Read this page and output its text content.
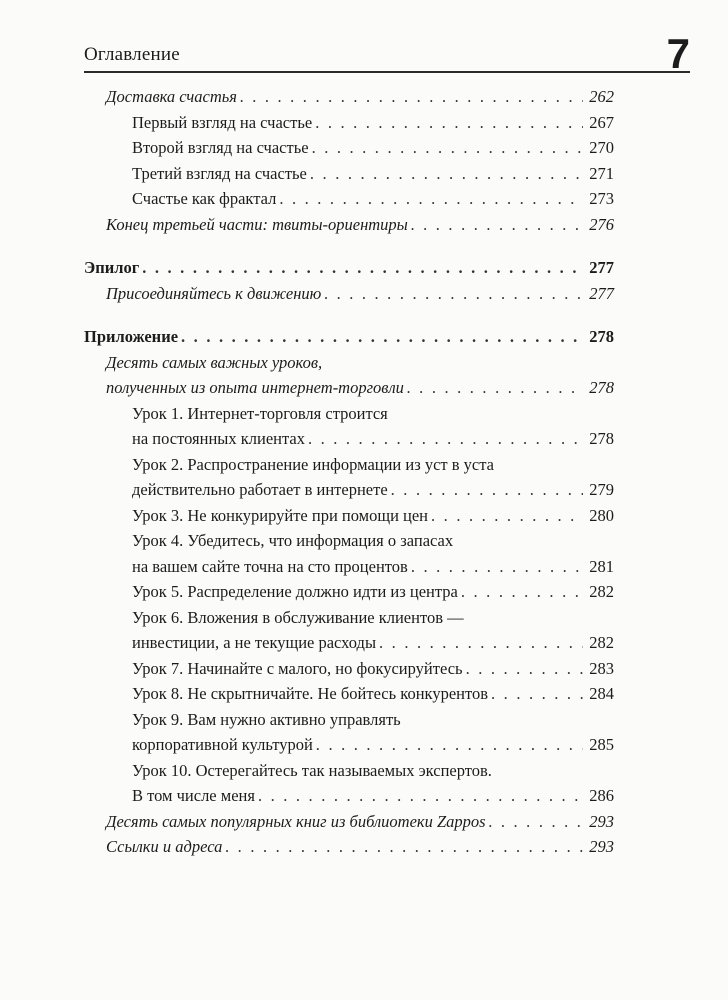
Оглавление	7
Доставка счастья . . .	262
Первый взгляд на счастье . . .	267
Второй взгляд на счастье . . .	270
Третий взгляд на счастье . . .	271
Счастье как фрактал . . .	273
Конец третьей части: твиты-ориентиры . . .	276
Эпилог . . .	277
Присоединяйтесь к движению . . .	277
Приложение . . .	278
Десять самых важных уроков,
полученных из опыта интернет-торговли . . .	278
Урок 1. Интернет-торговля строится
на постоянных клиентах . . .	278
Урок 2. Распространение информации из уст в уста
действительно работает в интернете . . .	279
Урок 3. Не конкурируйте при помощи цен . . .	280
Урок 4. Убедитесь, что информация о запасах
на вашем сайте точна на сто процентов . . .	281
Урок 5. Распределение должно идти из центра . . .	282
Урок 6. Вложения в обслуживание клиентов —
инвестиции, а не текущие расходы . . .	282
Урок 7. Начинайте с малого, но фокусируйтесь . . .	283
Урок 8. Не скрытничайте. Не бойтесь конкурентов . . .	284
Урок 9. Вам нужно активно управлять
корпоративной культурой . . .	285
Урок 10. Остерегайтесь так называемых экспертов.
В том числе меня . . .	286
Десять самых популярных книг из библиотеки Zappos . . .	293
Ссылки и адреса . . .	293
